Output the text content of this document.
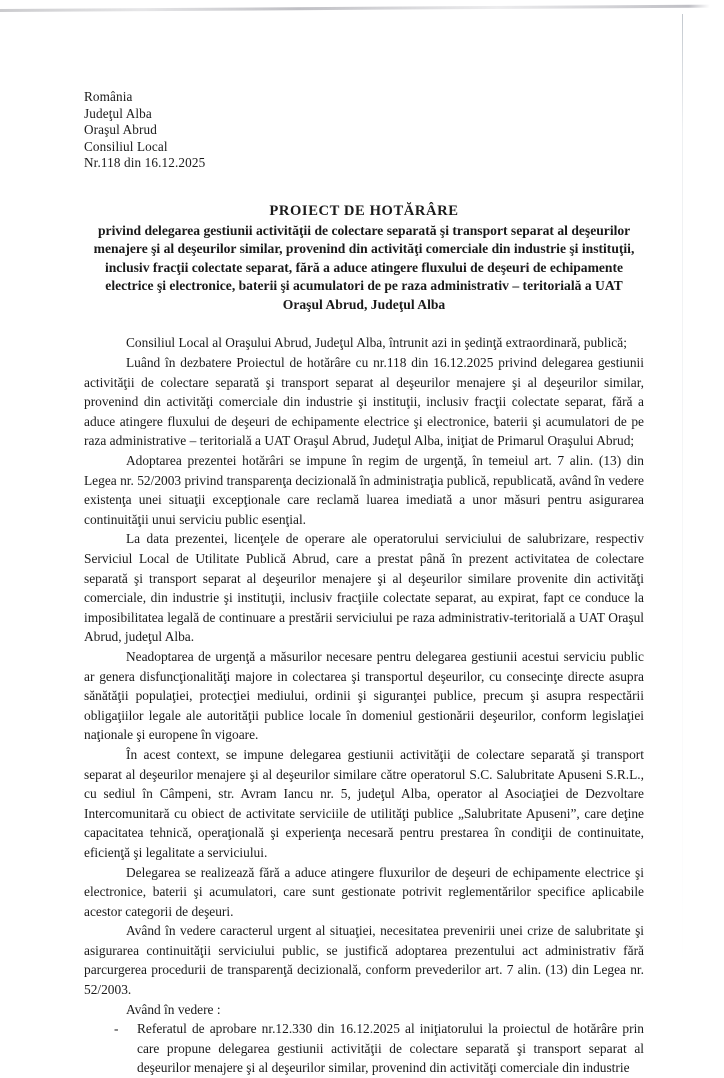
România
Judeţul Alba
Oraşul Abrud
Consiliul Local
Nr.118 din 16.12.2025
PROIECT DE HOTĂRÂRE
privind delegarea gestiunii activităţii de colectare separată şi transport separat al deşeurilor menajere şi al deşeurilor similar, provenind din activităţi comerciale din industrie şi instituţii, inclusiv fracţii colectate separat, fără a aduce atingere fluxului de deşeuri de echipamente electrice şi electronice, baterii şi acumulatori de pe raza administrativ – teritorială a UAT
Oraşul Abrud, Judeţul Alba

Consiliul Local al Oraşului Abrud, Judeţul Alba, întrunit azi in şedinţă extraordinară, publică;

Luând în dezbatere Proiectul de hotărâre cu nr.118 din 16.12.2025 privind delegarea gestiunii activităţii de colectare separată şi transport separat al deşeurilor menajere şi al deşeurilor similar, provenind din activităţi comerciale din industrie şi instituţii, inclusiv fracţii colectate separat, fără a aduce atingere fluxului de deşeuri de echipamente electrice şi electronice, baterii şi acumulatori de pe raza administrative – teritorială a UAT Oraşul Abrud, Judeţul Alba, iniţiat de Primarul Oraşului Abrud;

Adoptarea prezentei hotărâri se impune în regim de urgenţă, în temeiul art. 7 alin. (13) din Legea nr. 52/2003 privind transparenţa decizională în administraţia publică, republicată, având în vedere existenţa unei situaţii excepţionale care reclamă luarea imediată a unor măsuri pentru asigurarea continuităţii unui serviciu public esenţial.

La data prezentei, licenţele de operare ale operatorului serviciului de salubrizare, respectiv Serviciul Local de Utilitate Publică Abrud, care a prestat până în prezent activitatea de colectare separată şi transport separat al deşeurilor menajere şi al deşeurilor similare provenite din activităţi comerciale, din industrie şi instituţii, inclusiv fracţiile colectate separat, au expirat, fapt ce conduce la imposibilitatea legală de continuare a prestării serviciului pe raza administrativ-teritorială a UAT Oraşul Abrud, judeţul Alba.

Neadoptarea de urgenţă a măsurilor necesare pentru delegarea gestiunii acestui serviciu public ar genera disfuncţionalităţi majore in colectarea şi transportul deşeurilor, cu consecinţe directe asupra sănătăţii populaţiei, protecţiei mediului, ordinii şi siguranţei publice, precum şi asupra respectării obligaţiilor legale ale autorităţii publice locale în domeniul gestionării deşeurilor, conform legislaţiei naţionale şi europene în vigoare.

În acest context, se impune delegarea gestiunii activităţii de colectare separată şi transport separat al deşeurilor menajere şi al deşeurilor similare către operatorul S.C. Salubritate Apuseni S.R.L., cu sediul în Câmpeni, str. Avram Iancu nr. 5, judeţul Alba, operator al Asociaţiei de Dezvoltare Intercomunitară cu obiect de activitate serviciile de utilităţi publice „Salubritate Apuseni”, care deţine capacitatea tehnică, operaţională şi experienţa necesară pentru prestarea în condiţii de continuitate, eficienţă şi legalitate a serviciului.

Delegarea se realizează fără a aduce atingere fluxurilor de deşeuri de echipamente electrice şi electronice, baterii şi acumulatori, care sunt gestionate potrivit reglementărilor specifice aplicabile acestor categorii de deşeuri.

Având în vedere caracterul urgent al situaţiei, necesitatea prevenirii unei crize de salubritate şi asigurarea continuităţii serviciului public, se justifică adoptarea prezentului act administrativ fără parcurgerea procedurii de transparenţă decizională, conform prevederilor art. 7 alin. (13) din Legea nr. 52/2003.

Având în vedere :

- Referatul de aprobare nr.12.330 din 16.12.2025 al iniţiatorului la proiectul de hotărâre prin care propune delegarea gestiunii activităţii de colectare separată şi transport separat al deşeurilor menajere şi al deşeurilor similar, provenind din activităţi comerciale din industrie
